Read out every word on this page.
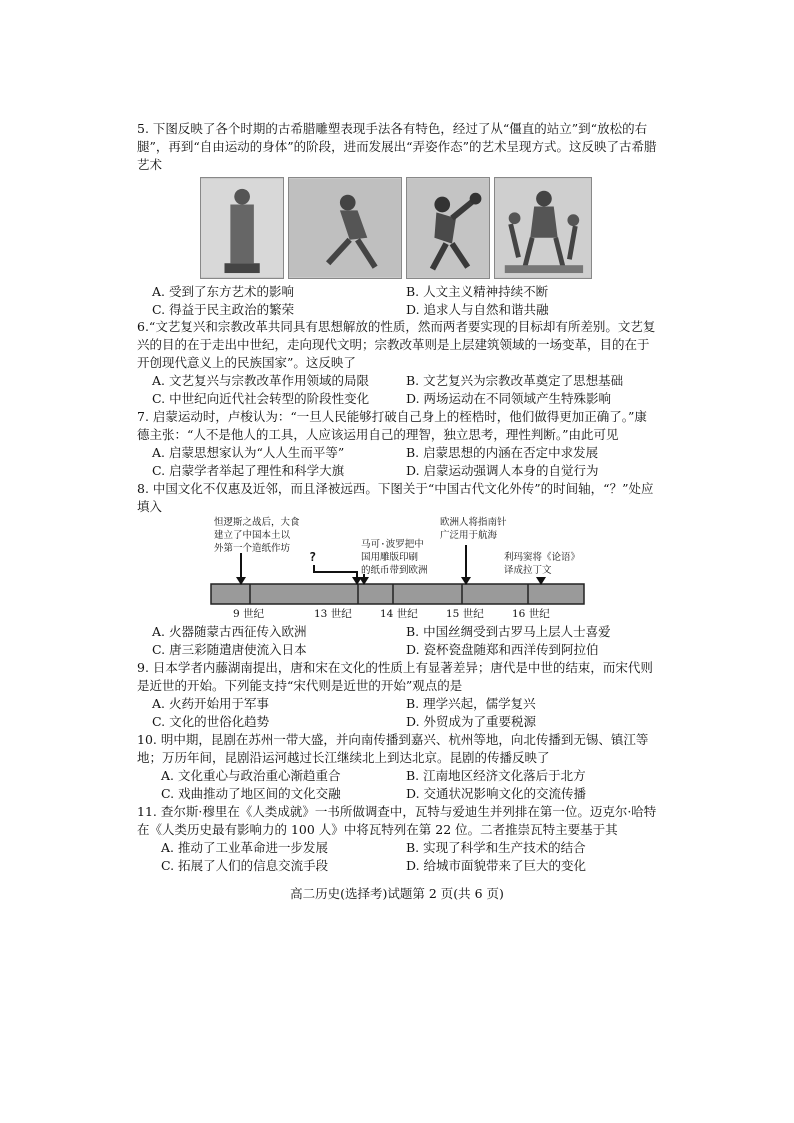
5. 下图反映了各个时期的古希腊雕塑表现手法各有特色，经过了从“僵直的站立”到“放松的右腿”，再到“自由运动的身体”的阶段，进而发展出“弄姿作态”的艺术呈现方式。这反映了古希腊艺术

A. 受到了东方艺术的影响	B. 人文主义精神持续不断
C. 得益于民主政治的繁荣	D. 追求人与自然和谐共融

6.“文艺复兴和宗教改革共同具有思想解放的性质，然而两者要实现的目标却有所差别。文艺复兴的目的在于走出中世纪，走向现代文明；宗教改革则是上层建筑领域的一场变革，目的在于开创现代意义上的民族国家”。这反映了

A. 文艺复兴与宗教改革作用领域的局限	B. 文艺复兴为宗教改革奠定了思想基础
C. 中世纪向近代社会转型的阶段性变化	D. 两场运动在不同领域产生特殊影响

7. 启蒙运动时，卢梭认为：“一旦人民能够打破自己身上的桎梏时，他们做得更加正确了。”康德主张：“人不是他人的工具，人应该运用自己的理智，独立思考，理性判断。”由此可见

A. 启蒙思想家认为“人人生而平等”	B. 启蒙思想的内涵在否定中求发展
C. 启蒙学者举起了理性和科学大旗	D. 启蒙运动强调人本身的自觉行为

8. 中国文化不仅惠及近邻，而且泽被远西。下图关于“中国古代文化外传”的时间轴，“？”处应填入

怛逻斯之战后，大食
建立了中国本土以
外第一个造纸作坊	马可·波罗把中
国用雕版印刷
的纸币带到欧洲
欧洲人将指南针
广泛用于航海
利玛窦将《论语》
译成拉丁文
?
9 世纪	13 世纪	14 世纪	15 世纪	16 世纪
A. 火器随蒙古西征传入欧洲	B. 中国丝绸受到古罗马上层人士喜爱
C. 唐三彩随遣唐使流入日本	D. 瓷杯瓷盘随郑和西洋传到阿拉伯

9. 日本学者内藤湖南提出，唐和宋在文化的性质上有显著差异；唐代是中世的结束，而宋代则是近世的开始。下列能支持“宋代则是近世的开始”观点的是

A. 火药开始用于军事	B. 理学兴起，儒学复兴
C. 文化的世俗化趋势	D. 外贸成为了重要税源

10. 明中期，昆剧在苏州一带大盛，并向南传播到嘉兴、杭州等地，向北传播到无锡、镇江等地；万历年间，昆剧沿运河越过长江继续北上到达北京。昆剧的传播反映了

A. 文化重心与政治重心渐趋重合	B. 江南地区经济文化落后于北方
C. 戏曲推动了地区间的文化交融	D. 交通状况影响文化的交流传播

11. 查尔斯·穆里在《人类成就》一书所做调查中，瓦特与爱迪生并列排在第一位。迈克尔·哈特在《人类历史最有影响力的 100 人》中将瓦特列在第 22 位。二者推崇瓦特主要基于其

A. 推动了工业革命进一步发展	B. 实现了科学和生产技术的结合
C. 拓展了人们的信息交流手段	D. 给城市面貌带来了巨大的变化
高二历史(选择考)试题第 2 页(共 6 页)
